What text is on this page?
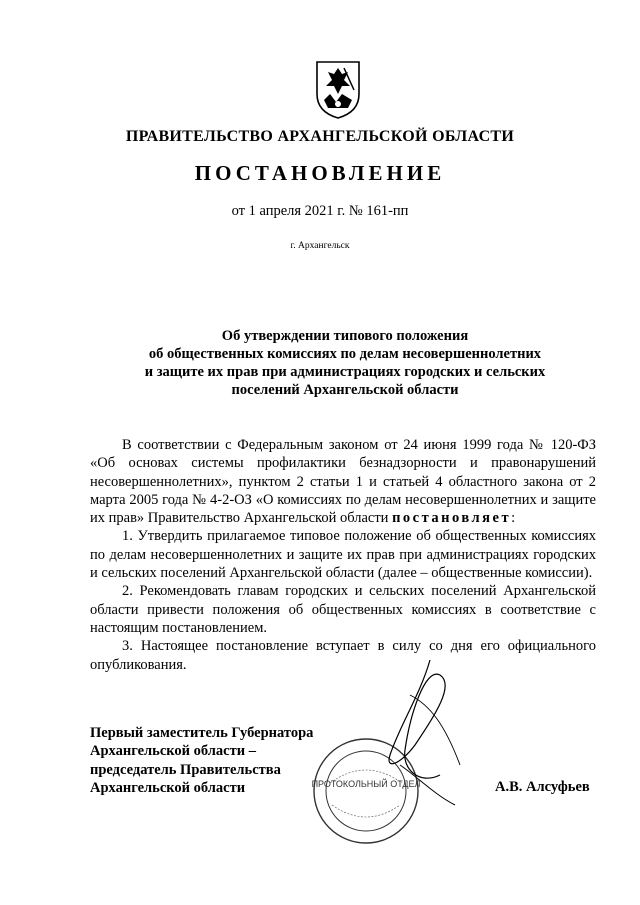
ПРАВИТЕЛЬСТВО АРХАНГЕЛЬСКОЙ ОБЛАСТИ
ПОСТАНОВЛЕНИЕ
от 1 апреля 2021 г. № 161-пп
г. Архангельск
Об утверждении типового положения
об общественных комиссиях по делам несовершеннолетних
и защите их прав при администрациях городских и сельских
поселений Архангельской области

В соответствии с Федеральным законом от 24 июня 1999 года № 120-ФЗ «Об основах системы профилактики безнадзорности и правонарушений несовершеннолетних», пунктом 2 статьи 1 и статьей 4 областного закона от 2 марта 2005 года № 4-2-ОЗ «О комиссиях по делам несовершеннолетних и защите их прав» Правительство Архангельской области постановляет:

1. Утвердить прилагаемое типовое положение об общественных комиссиях по делам несовершеннолетних и защите их прав при администрациях городских и сельских поселений Архангельской области (далее – общественные комиссии).

2. Рекомендовать главам городских и сельских поселений Архангельской области привести положения об общественных комиссиях в соответствие с настоящим постановлением.

3. Настоящее постановление вступает в силу со дня его официального опубликования.

Первый заместитель Губернатора
Архангельской области –
председатель Правительства
Архангельской области	ПРОТОКОЛЬНЫЙ ОТДЕЛ	А.В. Алсуфьев
